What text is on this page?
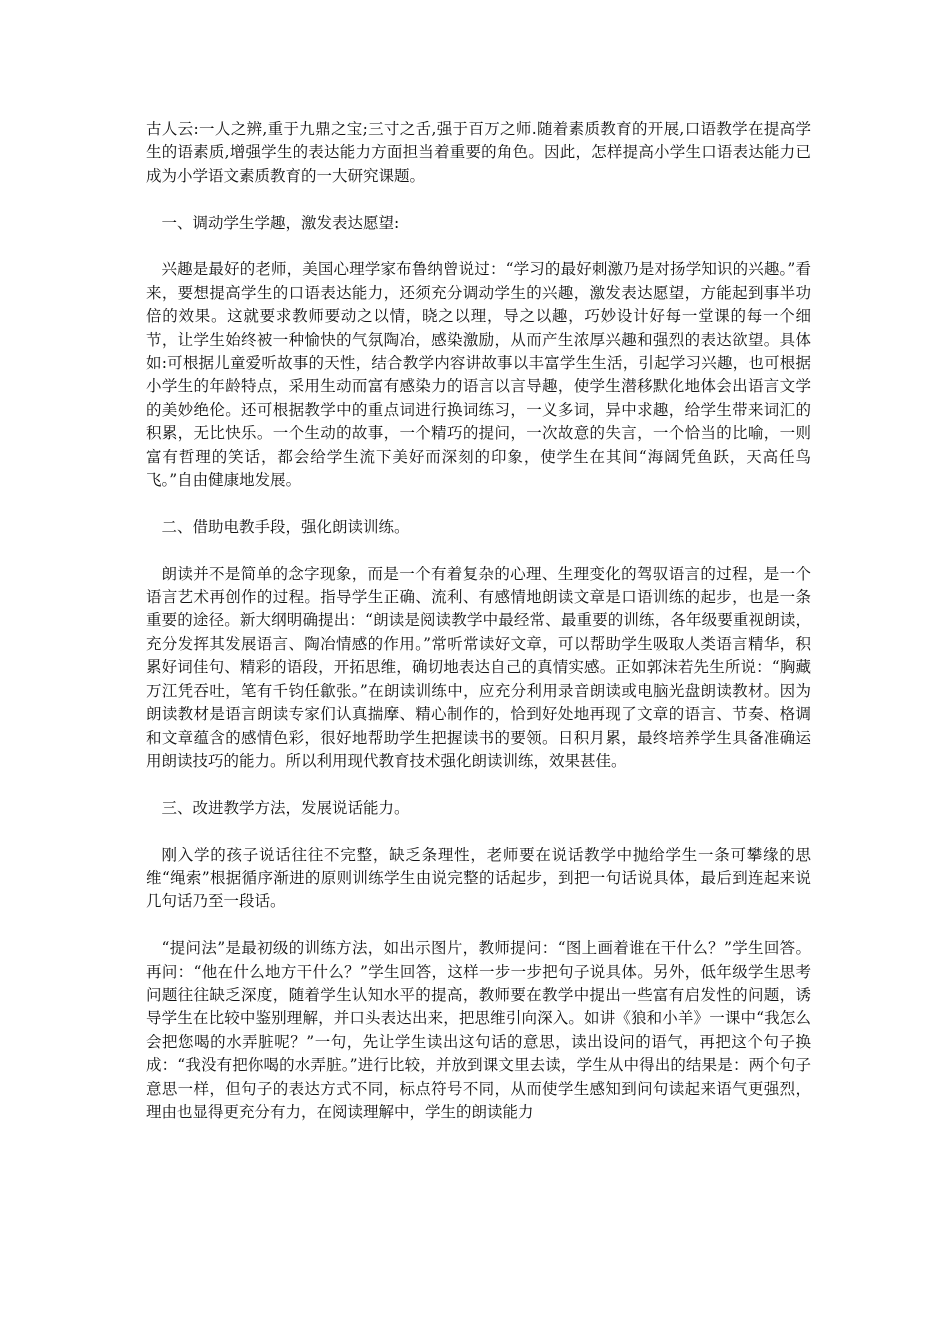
古人云:一人之辨,重于九鼎之宝;三寸之舌,强于百万之师.随着素质教育的开展,口语教学在提高学生的语素质,增强学生的表达能力方面担当着重要的角色。因此，怎样提高小学生口语表达能力已成为小学语文素质教育的一大研究课题。

一、调动学生学趣，激发表达愿望:

兴趣是最好的老师，美国心理学家布鲁纳曾说过：“学习的最好刺激乃是对扬学知识的兴趣。”看来，要想提高学生的口语表达能力，还须充分调动学生的兴趣，激发表达愿望，方能起到事半功倍的效果。这就要求教师要动之以情，晓之以理，导之以趣，巧妙设计好每一堂课的每一个细节，让学生始终被一种愉快的气氛陶冶，感染激励，从而产生浓厚兴趣和强烈的表达欲望。具体如:可根据儿童爱听故事的天性，结合教学内容讲故事以丰富学生生活，引起学习兴趣，也可根据小学生的年龄特点，采用生动而富有感染力的语言以言导趣，使学生潜移默化地体会出语言文学的美妙绝伦。还可根据教学中的重点词进行换词练习，一义多词，异中求趣，给学生带来词汇的积累，无比快乐。一个生动的故事，一个精巧的提问，一次故意的失言，一个恰当的比喻，一则富有哲理的笑话，都会给学生流下美好而深刻的印象，使学生在其间“海阔凭鱼跃，天高任鸟飞。”自由健康地发展。

二、借助电教手段，强化朗读训练。

朗读并不是简单的念字现象，而是一个有着复杂的心理、生理变化的驾驭语言的过程，是一个语言艺术再创作的过程。指导学生正确、流利、有感情地朗读文章是口语训练的起步，也是一条重要的途径。新大纲明确提出：“朗读是阅读教学中最经常、最重要的训练，各年级要重视朗读，充分发挥其发展语言、陶冶情感的作用。”常听常读好文章，可以帮助学生吸取人类语言精华，积累好词佳句、精彩的语段，开拓思维，确切地表达自己的真情实感。正如郭沫若先生所说：“胸藏万江凭吞吐，笔有千钧任歙张。”在朗读训练中，应充分利用录音朗读或电脑光盘朗读教材。因为朗读教材是语言朗读专家们认真揣摩、精心制作的，恰到好处地再现了文章的语言、节奏、格调和文章蕴含的感情色彩，很好地帮助学生把握读书的要领。日积月累，最终培养学生具备准确运用朗读技巧的能力。所以利用现代教育技术强化朗读训练，效果甚佳。

三、改进教学方法，发展说话能力。

刚入学的孩子说话往往不完整，缺乏条理性，老师要在说话教学中抛给学生一条可攀缘的思维“绳索”根据循序渐进的原则训练学生由说完整的话起步，到把一句话说具体，最后到连起来说几句话乃至一段话。

“提问法”是最初级的训练方法，如出示图片，教师提问：“图上画着谁在干什么？”学生回答。再问：“他在什么地方干什么？”学生回答，这样一步一步把句子说具体。另外，低年级学生思考问题往往缺乏深度，随着学生认知水平的提高，教师要在教学中提出一些富有启发性的问题，诱导学生在比较中鉴别理解，并口头表达出来，把思维引向深入。如讲《狼和小羊》一课中“我怎么会把您喝的水弄脏呢？”一句，先让学生读出这句话的意思，读出设问的语气，再把这个句子换成：“我没有把你喝的水弄脏。”进行比较，并放到课文里去读，学生从中得出的结果是：两个句子意思一样，但句子的表达方式不同，标点符号不同，从而使学生感知到问句读起来语气更强烈，理由也显得更充分有力，在阅读理解中，学生的朗读能力
